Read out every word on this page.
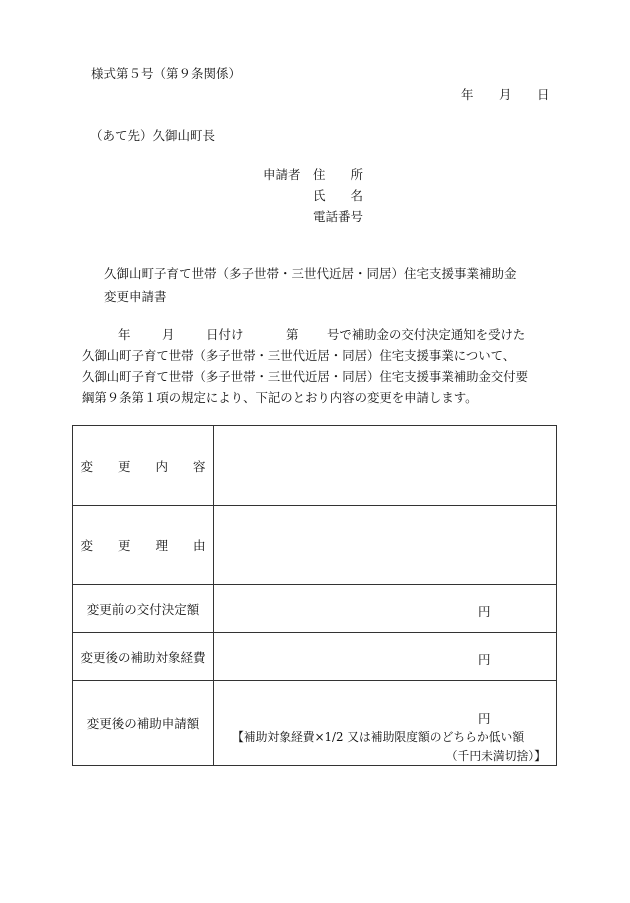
様式第５号（第９条関係）
年 月 日
（あて先）久御山町長
申請者 住　　所
氏　　名
電話番号
久御山町子育て世帯（多子世帯・三世代近居・同居）住宅支援事業補助金
変更申請書
年	月	日付け	第 号で補助金の交付決定通知を受けた
久御山町子育て世帯（多子世帯・三世代近居・同居）住宅支援事業について、
久御山町子育て世帯（多子世帯・三世代近居・同居）住宅支援事業補助金交付要
綱第９条第１項の規定により、下記のとおり内容の変更を申請します。
変　　更　　内　　容	
変　　更　　理　　由	
変更前の交付決定額	円

変更後の補助対象経費	円

変更後の補助申請額	円
【補助対象経費×1/2 又は補助限度額のどちらか低い額
（千円未満切捨）】
